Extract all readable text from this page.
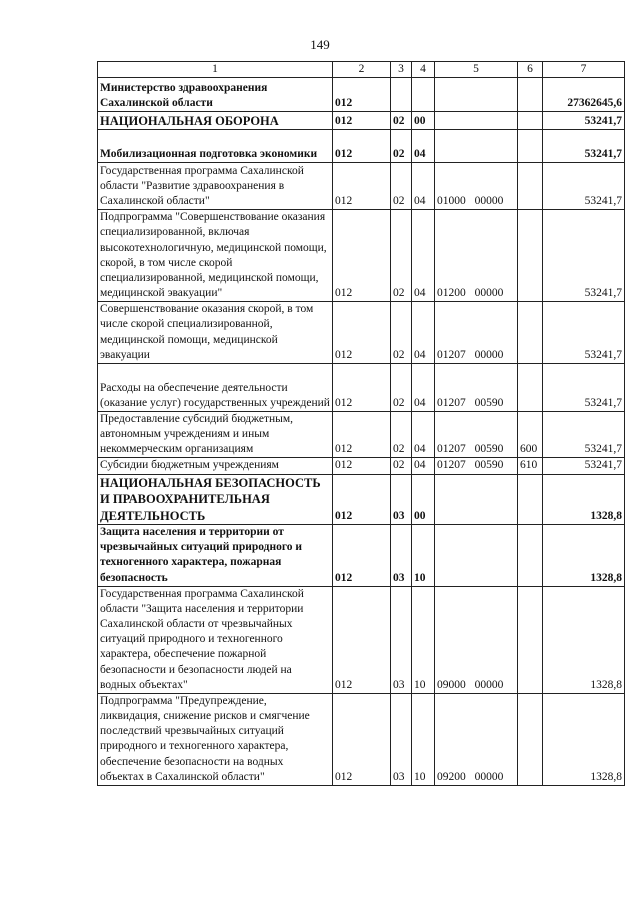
149
1	2	3	4	5	6	7
Министерство здравоохранения Сахалинской области	012					27362645,6
НАЦИОНАЛЬНАЯ ОБОРОНА	012	02	00			53241,7
Мобилизационная подготовка экономики	012	02	04			53241,7
Государственная программа Сахалинской области "Развитие здравоохранения в Сахалинской области"	012	02	04	01000 00000		53241,7
Подпрограмма "Совершенствование оказания специализированной, включая высокотехнологичную, медицинской помощи, скорой, в том числе скорой специализированной, медицинской помощи, медицинской эвакуации"	012	02	04	01200 00000		53241,7
Совершенствование оказания скорой, в том числе скорой специализированной, медицинской помощи, медицинской эвакуации	012	02	04	01207 00000		53241,7
Расходы на обеспечение деятельности (оказание услуг) государственных учреждений	012	02	04	01207 00590		53241,7
Предоставление субсидий бюджетным, автономным учреждениям и иным некоммерческим организациям	012	02	04	01207 00590	600	53241,7
Субсидии бюджетным учреждениям	012	02	04	01207 00590	610	53241,7
НАЦИОНАЛЬНАЯ БЕЗОПАСНОСТЬ И ПРАВООХРАНИТЕЛЬНАЯ ДЕЯТЕЛЬНОСТЬ	012	03	00			1328,8
Защита населения и территории от чрезвычайных ситуаций природного и техногенного характера, пожарная безопасность	012	03	10			1328,8
Государственная программа Сахалинской области "Защита населения и территории Сахалинской области от чрезвычайных ситуаций природного и техногенного характера, обеспечение пожарной безопасности и безопасности людей на водных объектах"	012	03	10	09000 00000		1328,8
Подпрограмма "Предупреждение, ликвидация, снижение рисков и смягчение последствий чрезвычайных ситуаций природного и техногенного характера, обеспечение безопасности на водных объектах в Сахалинской области"	012	03	10	09200 00000		1328,8
